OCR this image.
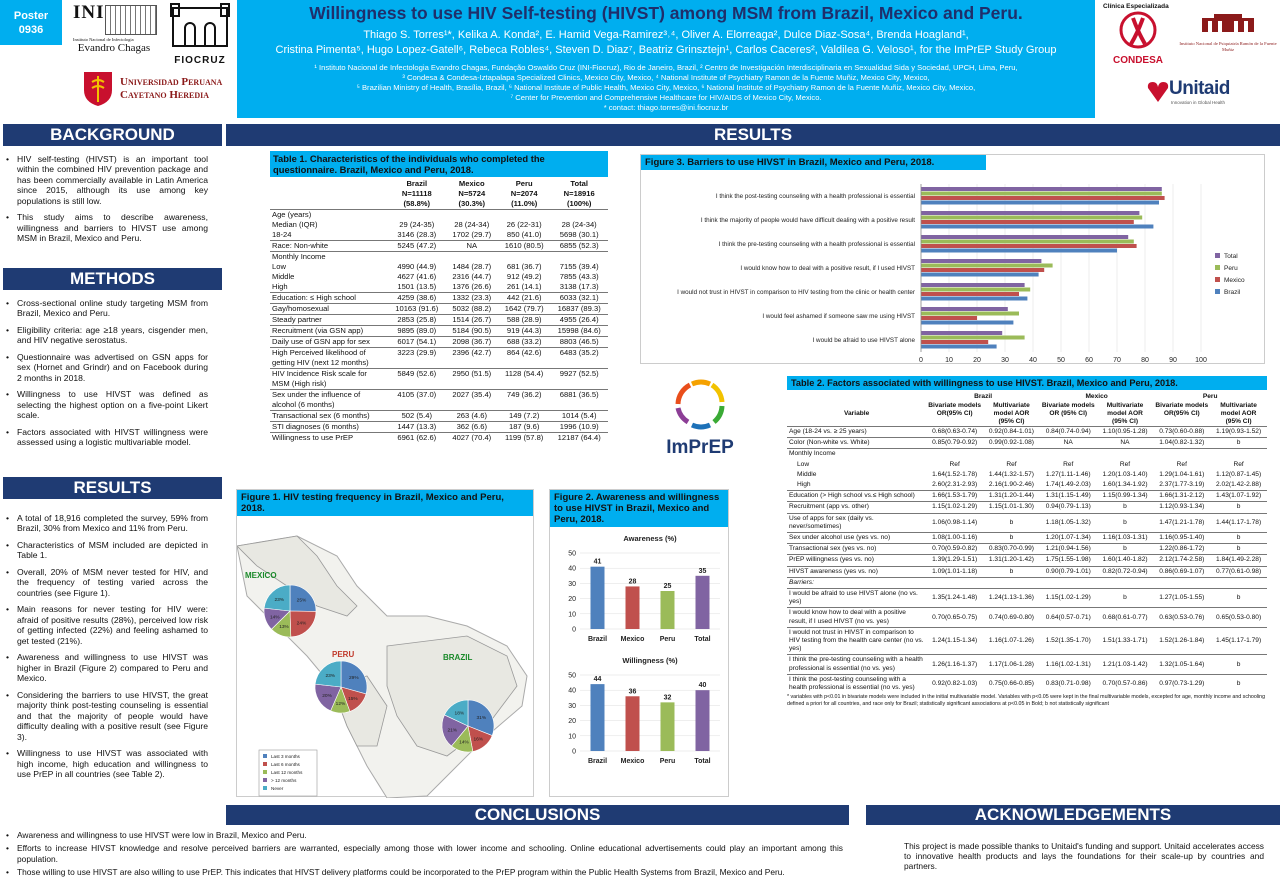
Poster
0936
INI
Instituto Nacional de Infectologia
Evandro Chagas
FIOCRUZ
Universidad Peruana
Cayetano Heredia
Willingness to use HIV Self-testing (HIVST) among MSM from Brazil, Mexico and Peru.
Thiago S. Torres¹*, Kelika A. Konda², E. Hamid Vega-Ramirez³˒⁴, Oliver A. Elorreaga², Dulce Diaz-Sosa⁴, Brenda Hoagland¹,
Cristina Pimenta⁵, Hugo Lopez-Gatell⁶, Rebeca Robles⁴, Steven D. Diaz⁷, Beatriz Grinsztejn¹, Carlos Caceres², Valdilea G. Veloso¹, for the ImPrEP Study Group
¹ Instituto Nacional de Infectologia Evandro Chagas, Fundação Oswaldo Cruz (INI-Fiocruz), Rio de Janeiro, Brazil, ² Centro de Investigación Interdisciplinaria en Sexualidad Sida y Sociedad, UPCH, Lima, Peru,
³ Condesa & Condesa-Iztapalapa Specialized Clinics, Mexico City, Mexico, ⁴ National Institute of Psychiatry Ramon de la Fuente Muñiz, Mexico City, Mexico,
⁵ Brazilian Ministry of Health, Brasília, Brazil, ⁶ National Institute of Public Health, Mexico City, Mexico, ⁶ National Institute of Psychiatry Ramon de la Fuente Muñiz, Mexico City, Mexico,
⁷ Center for Prevention and Comprehensive Healthcare for HIV/AIDS of Mexico City, Mexico.
* contact: thiago.torres@ini.fiocruz.br
Clínica Especializada
CONDESA
Instituto Nacional de Psiquiatría Ramón de la Fuente Muñiz
Unitaid
Innovation in Global Health
BACKGROUND
• HIV self-testing (HIVST) is an important tool within the combined HIV prevention package and has been commercially available in Latin America since 2015, although its use among key populations is still low.
• This study aims to describe awareness, willingness and barriers to HIVST use among MSM in Brazil, Mexico and Peru.
METHODS
• Cross-sectional online study targeting MSM from Brazil, Mexico and Peru.
• Eligibility criteria: age ≥18 years, cisgender men, and HIV negative serostatus.
• Questionnaire was advertised on GSN apps for sex (Hornet and Grindr) and on Facebook during 2 months in 2018.
• Willingness to use HIVST was defined as selecting the highest option on a five-point Likert scale.
• Factors associated with HIVST willingness were assessed using a logistic multivariable model.
RESULTS
• A total of 18,916 completed the survey, 59% from Brazil, 30% from Mexico and 11% from Peru.
• Characteristics of MSM included are depicted in Table 1.
• Overall, 20% of MSM never tested for HIV, and the frequency of testing varied across the countries (see Figure 1).
• Main reasons for never testing for HIV were: afraid of positive results (28%), perceived low risk of getting infected (22%) and feeling ashamed to get tested (21%).
• Awareness and willingness to use HIVST was higher in Brazil (Figure 2) compared to Peru and Mexico.
• Considering the barriers to use HIVST, the great majority think post-testing counseling is essential and that the majority of people would have difficulty dealing with a positive result (see Figure 3).
• Willingness to use HIVST was associated with high income, high education and willingness to use PrEP in all countries (see Table 2).
RESULTS
Table 1. Characteristics of the individuals who completed the questionnaire. Brazil, Mexico and Peru, 2018.
	Brazil	Mexico	Peru	Total
	N=11118	N=5724	N=2074	N=18916
	(58.8%)	(30.3%)	(11.0%)	(100%)
Age (years)				
Median (IQR)	29 (24-35)	28 (24-34)	26 (22-31)	28 (24-34)
18-24	3146 (28.3)	1702 (29.7)	850 (41.0)	5698 (30.1)
Race: Non-white	5245 (47.2)	NA	1610 (80.5)	6855 (52.3)
Monthly Income				
Low	4990 (44.9)	1484 (28.7)	681 (36.7)	7155 (39.4)
Middle	4627 (41.6)	2316 (44.7)	912 (49.2)	7855 (43.3)
High	1501 (13.5)	1376 (26.6)	261 (14.1)	3138 (17.3)
Education: ≤ High school	4259 (38.6)	1332 (23.3)	442 (21.6)	6033 (32.1)
Gay/homosexual	10163 (91.6)	5032 (88.2)	1642 (79.7)	16837 (89.3)
Steady partner	2853 (25.8)	1514 (26.7)	588 (28.9)	4955 (26.4)
Recruitment (via GSN app)	9895 (89.0)	5184 (90.5)	919 (44.3)	15998 (84.6)
Daily use of GSN app for sex	6017 (54.1)	2098 (36.7)	688 (33.2)	8803 (46.5)
High Perceived likelihood of getting HIV (next 12 months)	3223 (29.9)	2396 (42.7)	864 (42.6)	6483 (35.2)
HIV Incidence Risk scale for MSM (High risk)	5849 (52.6)	2950 (51.5)	1128 (54.4)	9927 (52.5)
Sex under the influence of alcohol (6 months)	4105 (37.0)	2027 (35.4)	749 (36.2)	6881 (36.5)
Transactional sex (6 months)	502 (5.4)	263 (4.6)	149 (7.2)	1014 (5.4)
STI diagnoses (6 months)	1447 (13.3)	362 (6.6)	187 (9.6)	1996 (10.9)
Willingness to use PrEP	6961 (62.6)	4027 (70.4)	1199 (57.8)	12187 (64.4)
Figure 3. Barriers to use HIVST in Brazil, Mexico and Peru, 2018.
0	10	20	30	40	50	60	70	80	90	100
I think the post-testing counseling with a health professional is essential
I think the majority of people would have difficult dealing with a positive result
I think the pre-testing counseling with a health professional is essential
I would know how to deal with a positive result, if I used HIVST
I would not trust in HIVST in comparison to HIV testing from the clinic or health center
I would feel ashamed if someone saw me using HIVST
I would be afraid to use HIVST alone
Total
Peru
Mexico
Brazil
ImPrEP
Table 2. Factors associated with willingness to use HIVST. Brazil, Mexico and Peru, 2018.
	Brazil		Mexico		Peru	
Variable	Bivariate models OR(95% CI)	Multivariate model AOR (95% CI)	Bivariate models OR (95% CI)	Multivariate model AOR (95% CI)	Bivariate models OR(95% CI)	Multivariate model AOR (95% CI)
Age (18-24 vs. ≥ 25 years)	0.68(0.63-0.74)	0.92(0.84-1.01)	0.84(0.74-0.94)	1.10(0.95-1.28)	0.73(0.60-0.88)	1.19(0.93-1.52)
Color (Non-white vs. White)	0.85(0.79-0.92)	0.99(0.92-1.08)	NA	NA	1.04(0.82-1.32)	b
Monthly Income						
Low	Ref	Ref	Ref	Ref	Ref	Ref
Middle	1.64(1.52-1.78)	1.44(1.32-1.57)	1.27(1.11-1.46)	1.20(1.03-1.40)	1.29(1.04-1.61)	1.12(0.87-1.45)
High	2.60(2.31-2.93)	2.16(1.90-2.46)	1.74(1.49-2.03)	1.60(1.34-1.92)	2.37(1.77-3.19)	2.02(1.42-2.88)
Education (> High school vs.≤ High school)	1.66(1.53-1.79)	1.31(1.20-1.44)	1.31(1.15-1.49)	1.15(0.99-1.34)	1.66(1.31-2.12)	1.43(1.07-1.92)
Recruitment (app vs. other)	1.15(1.02-1.29)	1.15(1.01-1.30)	0.94(0.79-1.13)	b	1.12(0.93-1.34)	b
Use of apps for sex (daily vs. never/sometimes)	1.06(0.98-1.14)	b	1.18(1.05-1.32)	b	1.47(1.21-1.78)	1.44(1.17-1.78)
Sex under alcohol use (yes vs. no)	1.08(1.00-1.16)	b	1.20(1.07-1.34)	1.16(1.03-1.31)	1.16(0.95-1.40)	b
Transactional sex (yes vs. no)	0.70(0.59-0.82)	0.83(0.70-0.99)	1.21(0.94-1.56)	b	1.22(0.86-1.72)	b
PrEP willingness (yes vs. no)	1.39(1.29-1.51)	1.31(1.20-1.42)	1.75(1.55-1.98)	1.60(1.40-1.82)	2.12(1.74-2.58)	1.84(1.49-2.28)
HIVST awareness (yes vs. no)	1.09(1.01-1.18)	b	0.90(0.79-1.01)	0.82(0.72-0.94)	0.86(0.69-1.07)	0.77(0.61-0.98)
Barriers:						
I would be afraid to use HIVST alone (no vs. yes)	1.35(1.24-1.48)	1.24(1.13-1.36)	1.15(1.02-1.29)	b	1.27(1.05-1.55)	b
I would know how to deal with a positive result, if I used HIVST (no vs. yes)	0.70(0.65-0.75)	0.74(0.69-0.80)	0.64(0.57-0.71)	0.68(0.61-0.77)	0.63(0.53-0.76)	0.65(0.53-0.80)
I would not trust in HIVST in comparison to HIV testing from the health care center (no vs. yes)	1.24(1.15-1.34)	1.16(1.07-1.26)	1.52(1.35-1.70)	1.51(1.33-1.71)	1.52(1.26-1.84)	1.45(1.17-1.79)
I think the pre-testing counseling with a health professional is essential (no vs. yes)	1.26(1.16-1.37)	1.17(1.06-1.28)	1.16(1.02-1.31)	1.21(1.03-1.42)	1.32(1.05-1.64)	b
I think the post-testing counseling with a health professional is essential (no vs. yes)	0.92(0.82-1.03)	0.75(0.66-0.85)	0.83(0.71-0.98)	0.70(0.57-0.86)	0.97(0.73-1.29)	b
* variables with p<0.01 in bivariate models were included in the initial multivariable model. Variables with p<0.05 were kept in the final multivariable models, excepted for age, monthly income and schooling defined a priori for all countries, and race only for Brazil; statistically significant associations at p<0.05 in Bold; b not statistically significant
Figure 1. HIV testing frequency in Brazil, Mexico and Peru, 2018.
MEXICO
25%
24%
13%
14%
23%
PERU
29%
15%
12%
20%
23%
BRAZIL
31%
16%
14%
21%
18%
Last 3 months
Last 6 months
Last 12 months
> 12 months
Never
Figure 2. Awareness and willingness to use HIVST in Brazil, Mexico and Peru, 2018.
Awareness (%)
0
10
20
30
40
50
41
Brazil
28
Mexico
25
Peru
35
Total
Willingness (%)
0
10
20
30
40
50
44
Brazil
36
Mexico
32
Peru
40
Total
CONCLUSIONS
• Awareness and willingness to use HIVST were low in Brazil, Mexico and Peru.
• Efforts to increase HIVST knowledge and resolve perceived barriers are warranted, especially among those with lower income and schooling. Online educational advertisements could play an important among this population.
• Those willing to use HIVST are also willing to use PrEP. This indicates that HIVST delivery platforms could be incorporated to the PrEP program within the Public Health Systems from Brazil, Mexico and Peru.
ACKNOWLEDGEMENTS
This project is made possible thanks to Unitaid's funding and support. Unitaid accelerates access to innovative health products and lays the foundations for their scale-up by countries and partners.
